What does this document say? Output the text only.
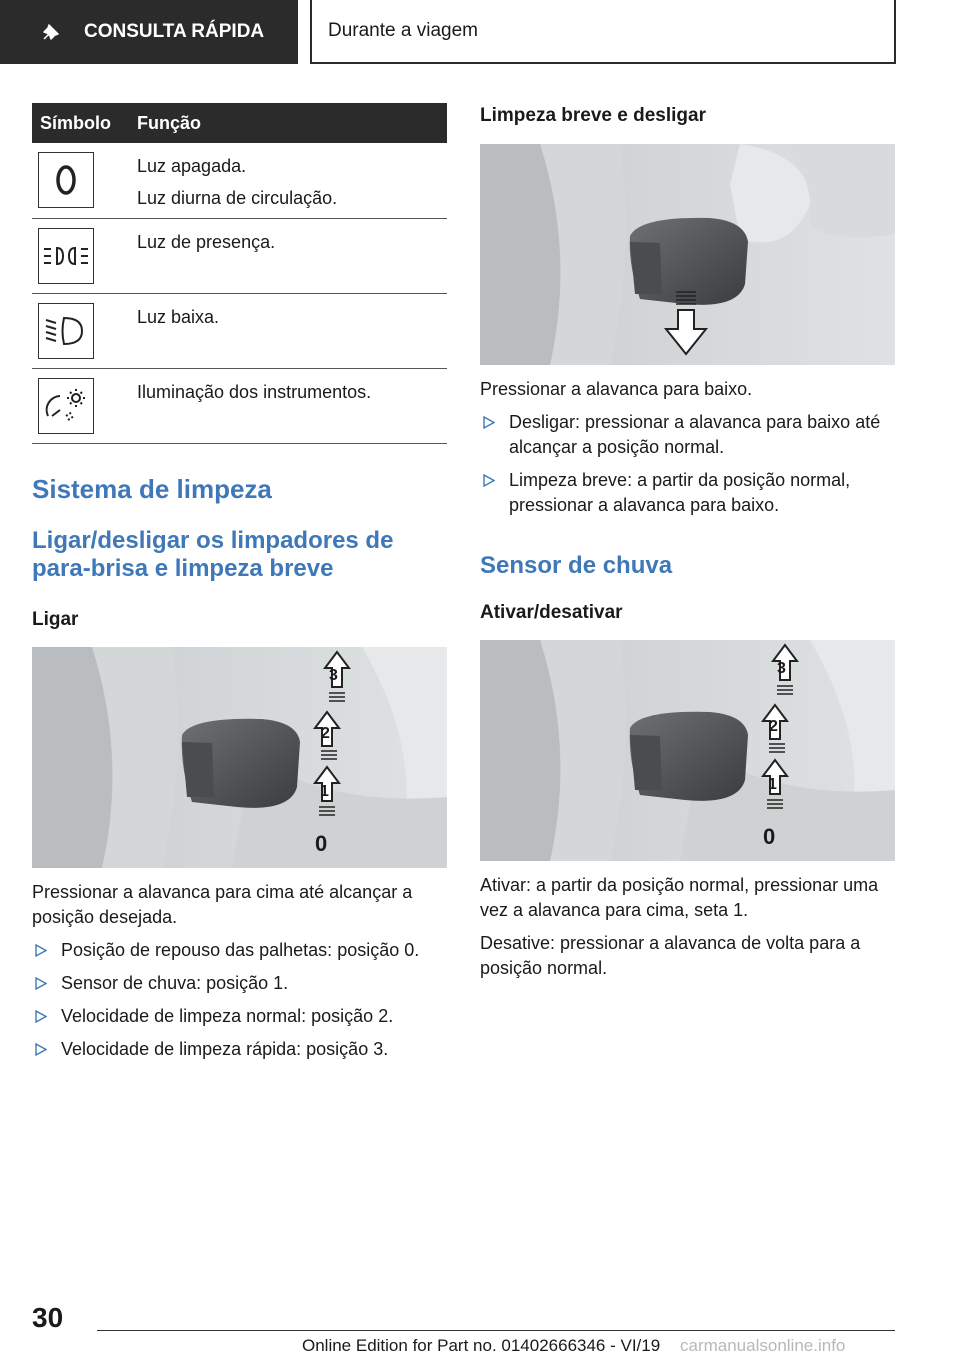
CONSULTA RÁPIDA	Durante a viagem
Símbolo	Função

Luz apagada.
Luz diurna de circulação.

Luz de presença.

Luz baixa.

Iluminação dos instrumentos.
Sistema de limpeza
Ligar/desligar os limpadores de para-brisa e limpeza breve
Ligar
3
2
1
0

Pressionar a alavanca para cima até alcançar a posição desejada.

Posição de repouso das palhetas: posição 0.
Sensor de chuva: posição 1.
Velocidade de limpeza normal: posição 2.
Velocidade de limpeza rápida: posição 3.
Limpeza breve e desligar

Pressionar a alavanca para baixo.

Desligar: pressionar a alavanca para baixo até alcançar a posição normal.
Limpeza breve: a partir da posição normal, pressionar a alavanca para baixo.
Sensor de chuva
Ativar/desativar
3
2
1
0

Ativar: a partir da posição normal, pressionar uma vez a alavanca para cima, seta 1.

Desative: pressionar a alavanca de volta para a posição normal.

30
Online Edition for Part no. 01402666346 - VI/19 carmanualsonline.info
